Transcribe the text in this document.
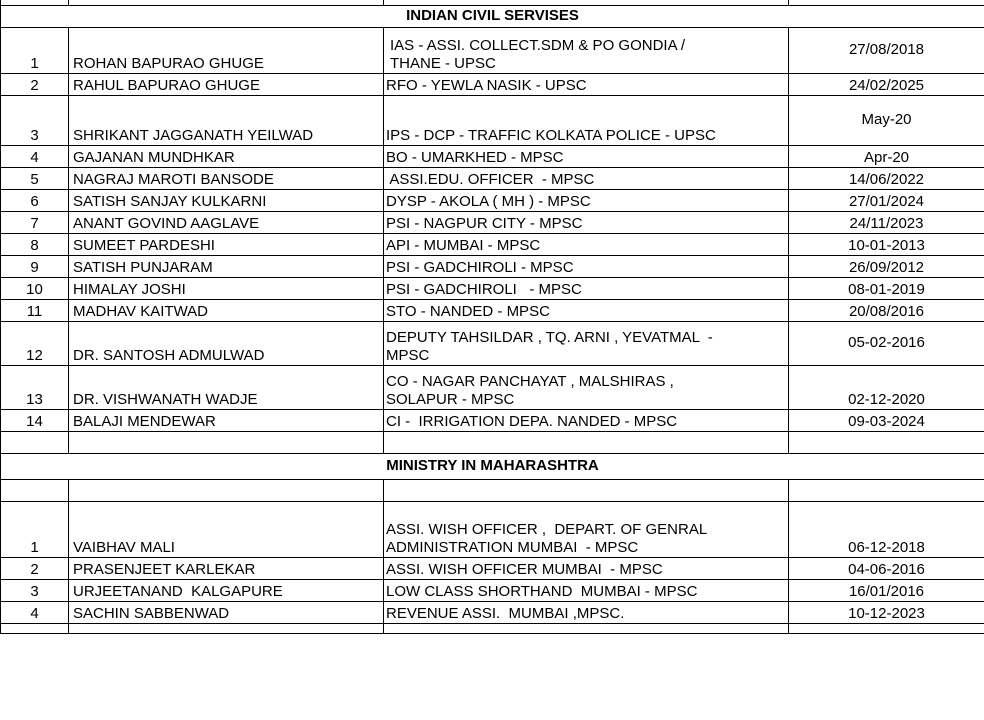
INDIAN CIVIL SERVISES			
1	ROHAN BAPURAO GHUGE	IAS - ASSI. COLLECT.SDM & PO GONDIA /
THANE - UPSC	27/08/2018
2	RAHUL BAPURAO GHUGE	RFO - YEWLA NASIK - UPSC	24/02/2025
3	SHRIKANT JAGGANATH YEILWAD	IPS - DCP - TRAFFIC KOLKATA POLICE - UPSC	May-20
4	GAJANAN MUNDHKAR	BO - UMARKHED - MPSC	Apr-20
5	NAGRAJ MAROTI BANSODE	ASSI.EDU. OFFICER  - MPSC	14/06/2022
6	SATISH SANJAY KULKARNI	DYSP - AKOLA ( MH ) - MPSC	27/01/2024
7	ANANT GOVIND AAGLAVE	PSI - NAGPUR CITY - MPSC	24/11/2023
8	SUMEET PARDESHI	API - MUMBAI - MPSC	10-01-2013
9	SATISH PUNJARAM	PSI - GADCHIROLI - MPSC	26/09/2012
10	HIMALAY JOSHI	PSI - GADCHIROLI   - MPSC	08-01-2019
11	MADHAV KAITWAD	STO - NANDED - MPSC	20/08/2016
12	DR. SANTOSH ADMULWAD	DEPUTY TAHSILDAR , TQ. ARNI , YEVATMAL  -
MPSC	05-02-2016
13	DR. VISHWANATH WADJE	CO - NAGAR PANCHAYAT , MALSHIRAS ,
SOLAPUR - MPSC	02-12-2020
14	BALAJI MENDEWAR	CI -  IRRIGATION DEPA. NANDED - MPSC	09-03-2024

MINISTRY IN MAHARASHTRA			

1	VAIBHAV MALI	ASSI. WISH OFFICER ,  DEPART. OF GENRAL
ADMINISTRATION MUMBAI  - MPSC	06-12-2018
2	PRASENJEET KARLEKAR	ASSI. WISH OFFICER MUMBAI  - MPSC	04-06-2016
3	URJEETANAND  KALGAPURE	LOW CLASS SHORTHAND  MUMBAI - MPSC	16/01/2016
4	SACHIN SABBENWAD	REVENUE ASSI.  MUMBAI ,MPSC.	10-12-2023
